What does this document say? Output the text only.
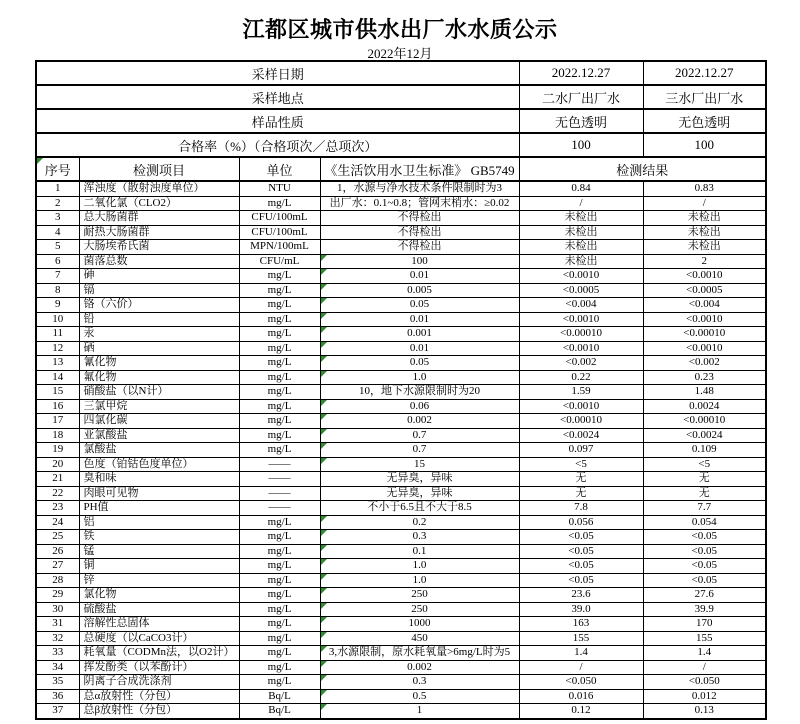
江都区城市供水出厂水水质公示
2022年12月
采样日期				2022.12.27	2022.12.27
采样地点				二水厂出厂水	三水厂出厂水
样品性质				无色透明	无色透明
合格率（%）（合格项次／总项次）				100	100

序号	检测项目	单位	《生活饮用水卫生标准》 GB5749	检测结果	
1	浑浊度（散射浊度单位）	NTU	1，水源与净水技术条件限制时为3	0.84	0.83
2	二氧化氯（CLO2）	mg/L	出厂水：0.1~0.8；管网末梢水：≥0.02	/	/
3	总大肠菌群	CFU/100mL	不得检出	未检出	未检出
4	耐热大肠菌群	CFU/100mL	不得检出	未检出	未检出
5	大肠埃希氏菌	MPN/100mL	不得检出	未检出	未检出
6	菌落总数	CFU/mL	100	未检出	2
7	砷	mg/L	0.01	<0.0010	<0.0010
8	镉	mg/L	0.005	<0.0005	<0.0005
9	铬（六价）	mg/L	0.05	<0.004	<0.004
10	铅	mg/L	0.01	<0.0010	<0.0010
11	汞	mg/L	0.001	<0.00010	<0.00010
12	硒	mg/L	0.01	<0.0010	<0.0010
13	氰化物	mg/L	0.05	<0.002	<0.002
14	氟化物	mg/L	1.0	0.22	0.23
15	硝酸盐（以N计）	mg/L	10，地下水源限制时为20	1.59	1.48
16	三氯甲烷	mg/L	0.06	<0.0010	0.0024
17	四氯化碳	mg/L	0.002	<0.00010	<0.00010
18	亚氯酸盐	mg/L	0.7	<0.0024	<0.0024
19	氯酸盐	mg/L	0.7	0.097	0.109
20	色度（铂钴色度单位）	——	15	<5	<5
21	臭和味	——	无异臭，异味	无	无
22	肉眼可见物	——	无异臭，异味	无	无
23	PH值	——	不小于6.5且不大于8.5	7.8	7.7
24	铝	mg/L	0.2	0.056	0.054
25	铁	mg/L	0.3	<0.05	<0.05
26	锰	mg/L	0.1	<0.05	<0.05
27	铜	mg/L	1.0	<0.05	<0.05
28	锌	mg/L	1.0	<0.05	<0.05
29	氯化物	mg/L	250	23.6	27.6
30	硫酸盐	mg/L	250	39.0	39.9
31	溶解性总固体	mg/L	1000	163	170
32	总硬度（以CaCO3计）	mg/L	450	155	155
33	耗氧量（CODMn法，以O2计）	mg/L	3,水源限制，原水耗氧量>6mg/L时为5	1.4	1.4
34	挥发酚类（以苯酚计）	mg/L	0.002	/	/
35	阴离子合成洗涤剂	mg/L	0.3	<0.050	<0.050
36	总α放射性（分包）	Bq/L	0.5	0.016	0.012
37	总β放射性（分包）	Bq/L	1	0.12	0.13
